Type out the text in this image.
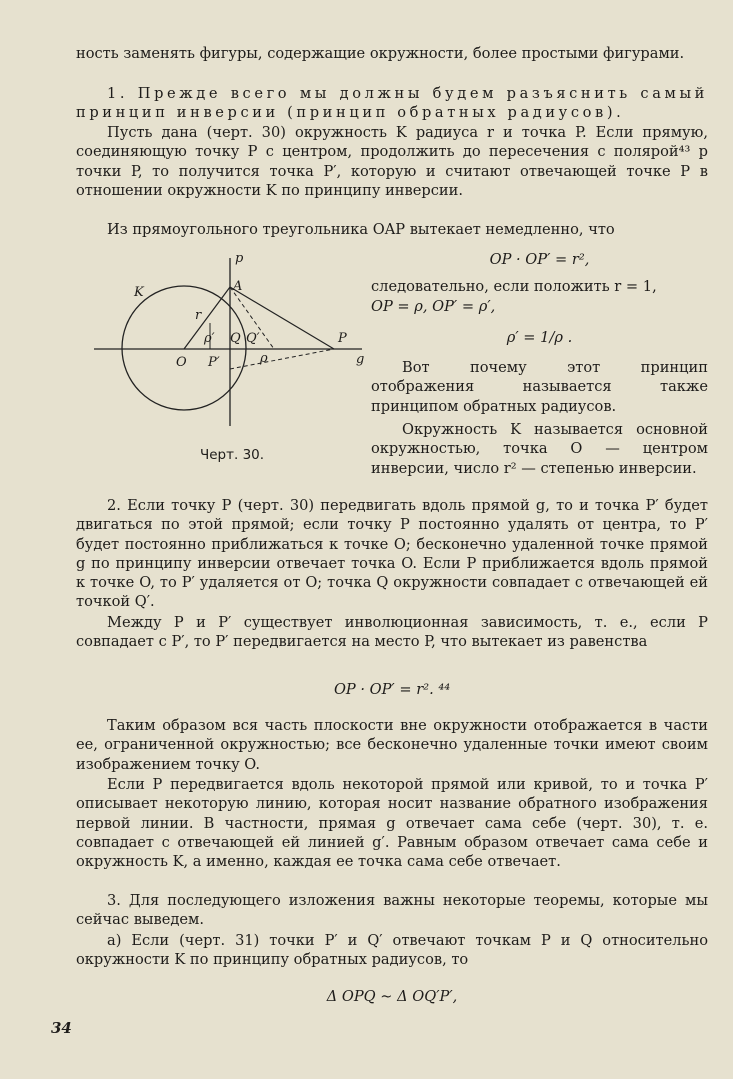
ность заменять фигуры, содержащие окружности, более простыми фигурами.

1. Прежде всего мы должны будем разъяснить самый принцип инверсии (принцип обратных радиусов).

Пусть дана (черт. 30) окружность K радиуса r и точка P. Если прямую, соединяющую точку P с центром, продолжить до пересечения с полярой⁴³ p точки P, то получится точка P′, которую и считают отвечающей точке P в отношении окружности K по принципу инверсии.

Из прямоугольного треугольника OAP вытекает немедленно, что

p
K	A
r
ρ′ Q Q′	P
g
O P′	ρ
OP · OP′ = r²,

следовательно, если положить r = 1,

OP = ρ, OP′ = ρ′,
ρ′ = 1/ρ .

Вот почему этот принцип отображения называется также принципом обратных радиусов.

Окружность K называется основной окружностью, точка O — центром инверсии, число r² — степенью инверсии.

Черт. 30.

2. Если точку P (черт. 30) передвигать вдоль прямой g, то и точка P′ будет двигаться по этой прямой; если точку P постоянно удалять от центра, то P′ будет постоянно приближаться к точке O; бесконечно удаленной точке прямой g по принципу инверсии отвечает точка O. Если P приближается вдоль прямой к точке O, то P′ удаляется от O; точка Q окружности совпадает с отвечающей ей точкой Q′.

Между P и P′ существует инволюционная зависимость, т. е., если P совпадает с P′, то P′ передвигается на место P, что вытекает из равенства

OP · OP′ = r². ⁴⁴

Таким образом вся часть плоскости вне окружности отображается в части ее, ограниченной окружностью; все бесконечно удаленные точки имеют своим изображением точку O.

Если P передвигается вдоль некоторой прямой или кривой, то и точка P′ описывает некоторую линию, которая носит название обратного изображения первой линии. В частности, прямая g отвечает сама себе (черт. 30), т. е. совпадает с отвечающей ей линией g′. Равным образом отвечает сама себе и окружность K, а именно, каждая ее точка сама себе отвечает.

3. Для последующего изложения важны некоторые теоремы, которые мы сейчас выведем.

a) Если (черт. 31) точки P′ и Q′ отвечают точкам P и Q относительно окружности K по принципу обратных радиусов, то

Δ OPQ ∼ Δ OQ′P′,
34
